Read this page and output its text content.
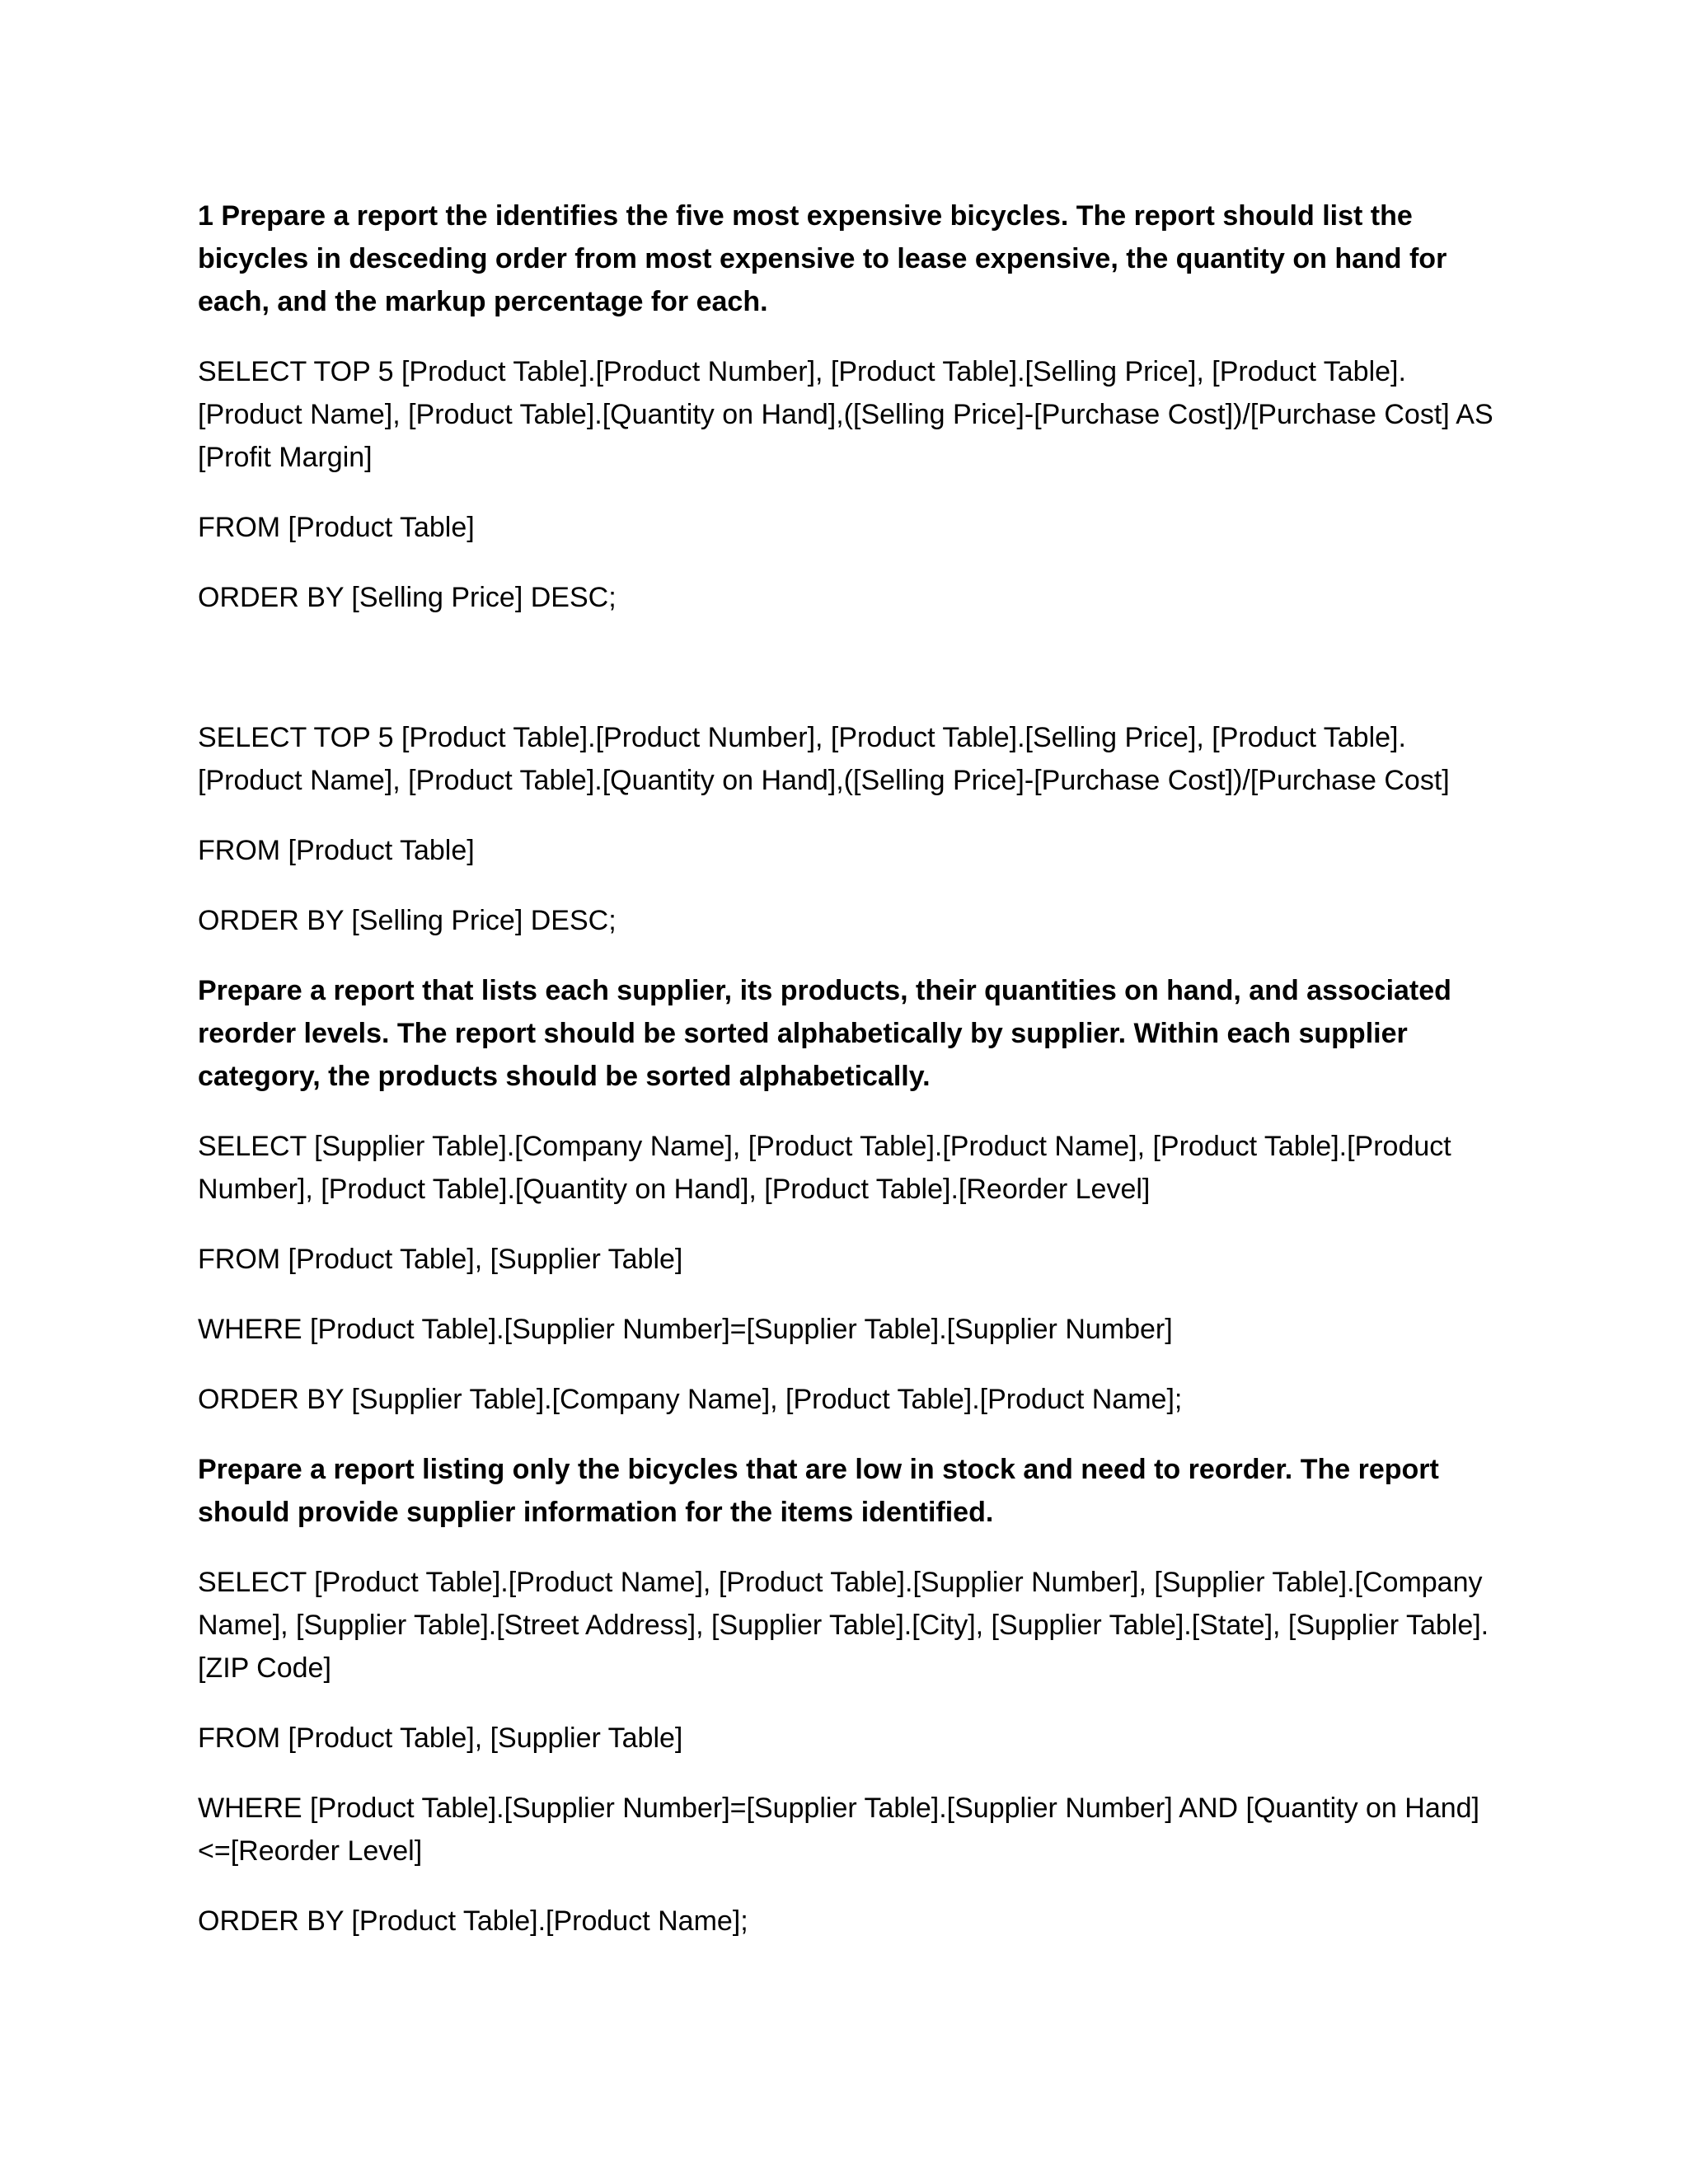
1 Prepare a report the identifies the five most expensive bicycles. The report should list the bicycles in desceding order from most expensive to lease expensive, the quantity on hand for each, and the markup percentage for each.

SELECT TOP 5 [Product Table].[Product Number], [Product Table].[Selling Price], [Product Table].[Product Name], [Product Table].[Quantity on Hand],([Selling Price]-[Purchase Cost])/[Purchase Cost] AS [Profit Margin]

FROM [Product Table]

ORDER BY [Selling Price] DESC;

SELECT TOP 5 [Product Table].[Product Number], [Product Table].[Selling Price], [Product Table].[Product Name], [Product Table].[Quantity on Hand],([Selling Price]-[Purchase Cost])/[Purchase Cost]

FROM [Product Table]

ORDER BY [Selling Price] DESC;

Prepare a report that lists each supplier, its products, their quantities on hand, and associated reorder levels. The report should be sorted alphabetically by supplier. Within each supplier category, the products should be sorted alphabetically.

SELECT [Supplier Table].[Company Name], [Product Table].[Product Name], [Product Table].[Product Number], [Product Table].[Quantity on Hand], [Product Table].[Reorder Level]

FROM [Product Table], [Supplier Table]

WHERE [Product Table].[Supplier Number]=[Supplier Table].[Supplier Number]

ORDER BY [Supplier Table].[Company Name], [Product Table].[Product Name];

Prepare a report listing only the bicycles that are low in stock and need to reorder. The report should provide supplier information for the items identified.

SELECT [Product Table].[Product Name], [Product Table].[Supplier Number], [Supplier Table].[Company Name], [Supplier Table].[Street Address], [Supplier Table].[City], [Supplier Table].[State], [Supplier Table].[ZIP Code]

FROM [Product Table], [Supplier Table]

WHERE [Product Table].[Supplier Number]=[Supplier Table].[Supplier Number] AND [Quantity on Hand]<=[Reorder Level]

ORDER BY [Product Table].[Product Name];
